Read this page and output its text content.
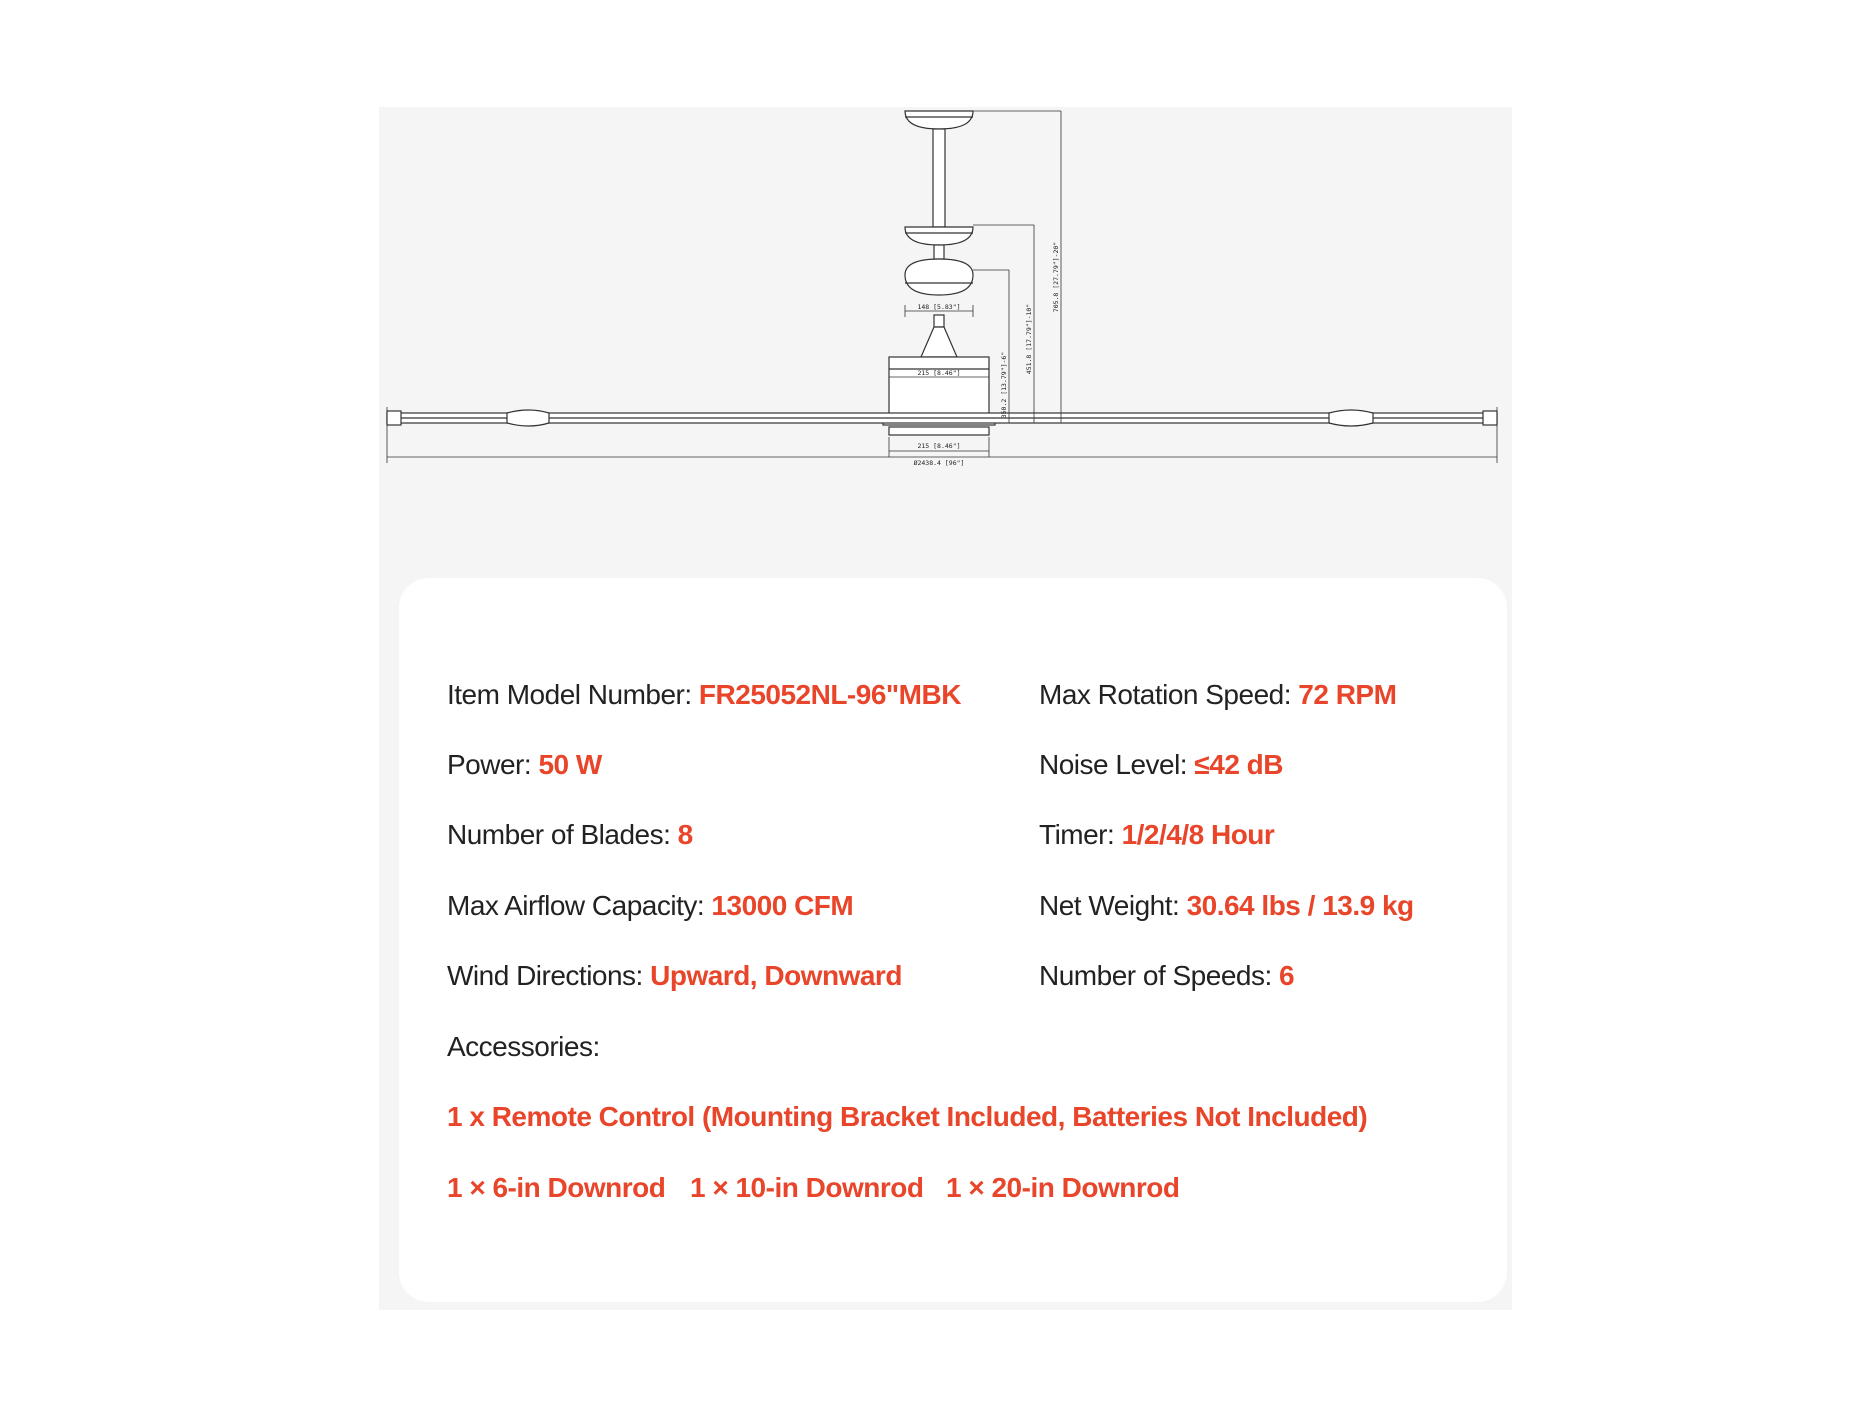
148 [5.83"]
215 [8.46"]
215 [8.46"]
Ø2438.4 [96"]
350.2 [13.79"]-6"
451.8 [17.79"]-10"
705.8 [27.79"]-20"
Item Model Number: FR25052NL-96"MBK
Power: 50 W
Number of Blades: 8
Max Airflow Capacity: 13000 CFM
Wind Directions: Upward, Downward
Max Rotation Speed: 72 RPM
Noise Level: ≤42 dB
Timer: 1/2/4/8 Hour
Net Weight: 30.64 lbs / 13.9 kg
Number of Speeds: 6
Accessories:
1 x Remote Control (Mounting Bracket Included, Batteries Not Included)
1 × 6-in Downrod 1 × 10-in Downrod 1 × 20-in Downrod
